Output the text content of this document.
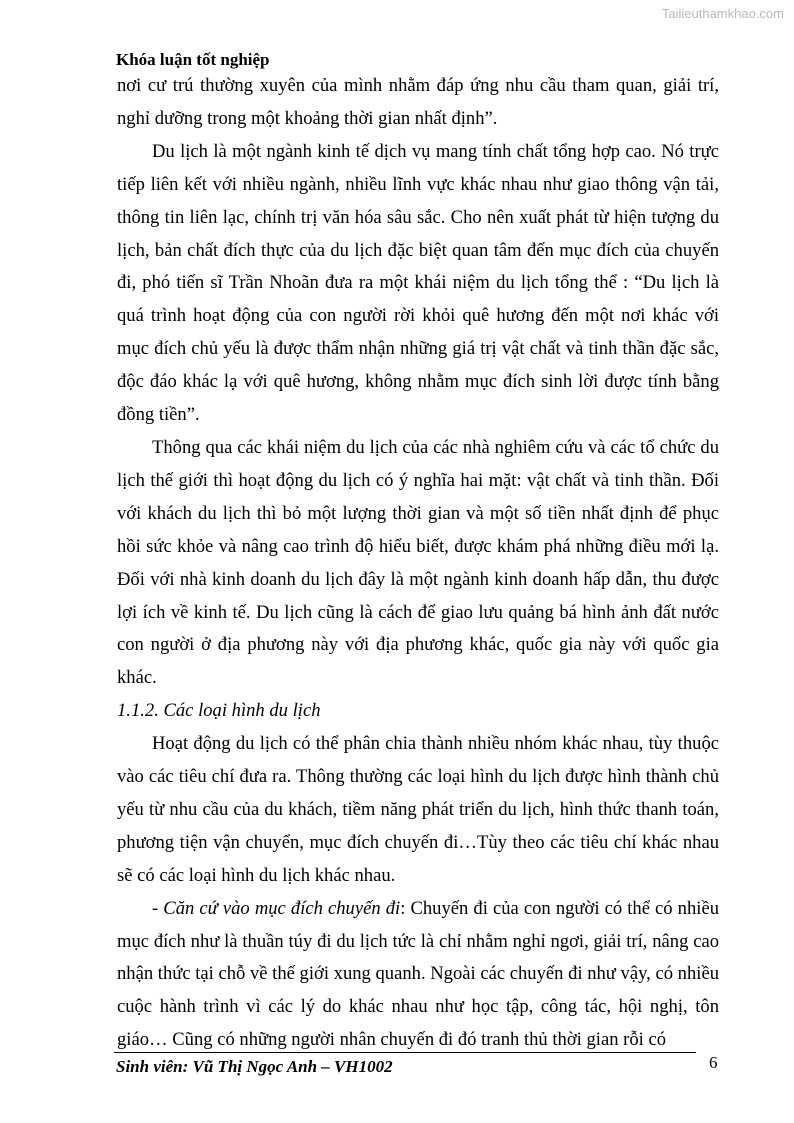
Tailieuthamkhao.com
Khóa luận tốt nghiệp

nơi cư trú thường xuyên của mình nhằm đáp ứng nhu cầu tham quan, giải trí, nghỉ dưỡng trong một khoảng thời gian nhất định”.

Du lịch là một ngành kinh tế dịch vụ mang tính chất tổng hợp cao. Nó trực tiếp liên kết với nhiều ngành, nhiều lĩnh vực khác nhau như giao thông vận tải, thông tin liên lạc, chính trị văn hóa sâu sắc. Cho nên xuất phát từ hiện tượng du lịch, bản chất đích thực của du lịch đặc biệt quan tâm đến mục đích của chuyến đi, phó tiến sĩ Trần Nhoãn đưa ra một khái niệm du lịch tổng thể : “Du lịch là quá trình hoạt động của con người rời khỏi quê hương đến một nơi khác với mục đích chủ yếu là được thẩm nhận những giá trị vật chất và tinh thần đặc sắc, độc đáo khác lạ với quê hương, không nhằm mục đích sinh lời được tính bằng đồng tiền”.

Thông qua các khái niệm du lịch của các nhà nghiêm cứu và các tổ chức du lịch thế giới thì hoạt động du lịch có ý nghĩa hai mặt: vật chất và tinh thần. Đối với khách du lịch thì bỏ một lượng thời gian và một số tiền nhất định để phục hồi sức khỏe và nâng cao trình độ hiểu biết, được khám phá những điều mới lạ. Đối với nhà kinh doanh du lịch đây là một ngành kinh doanh hấp dẫn, thu được lợi ích về kinh tế. Du lịch cũng là cách để giao lưu quảng bá hình ảnh đất nước con người ở địa phương này với địa phương khác, quốc gia này với quốc gia khác.

1.1.2. Các loại hình du lịch

Hoạt động du lịch có thể phân chia thành nhiều nhóm khác nhau, tùy thuộc vào các tiêu chí đưa ra. Thông thường các loại hình du lịch được hình thành chủ yếu từ nhu cầu của du khách, tiềm năng phát triển du lịch, hình thức thanh toán, phương tiện vận chuyển, mục đích chuyến đi…Tùy theo các tiêu chí khác nhau sẽ có các loại hình du lịch khác nhau.

- Căn cứ vào mục đích chuyến đi: Chuyến đi của con người có thể có nhiều mục đích như là thuần túy đi du lịch tức là chỉ nhằm nghỉ ngơi, giải trí, nâng cao nhận thức tại chỗ về thế giới xung quanh. Ngoài các chuyến đi như vậy, có nhiều cuộc hành trình vì các lý do khác nhau như học tập, công tác, hội nghị, tôn giáo… Cũng có những người nhân chuyến đi đó tranh thủ thời gian rỗi có

Sinh viên: Vũ Thị Ngọc Anh – VH1002	6
